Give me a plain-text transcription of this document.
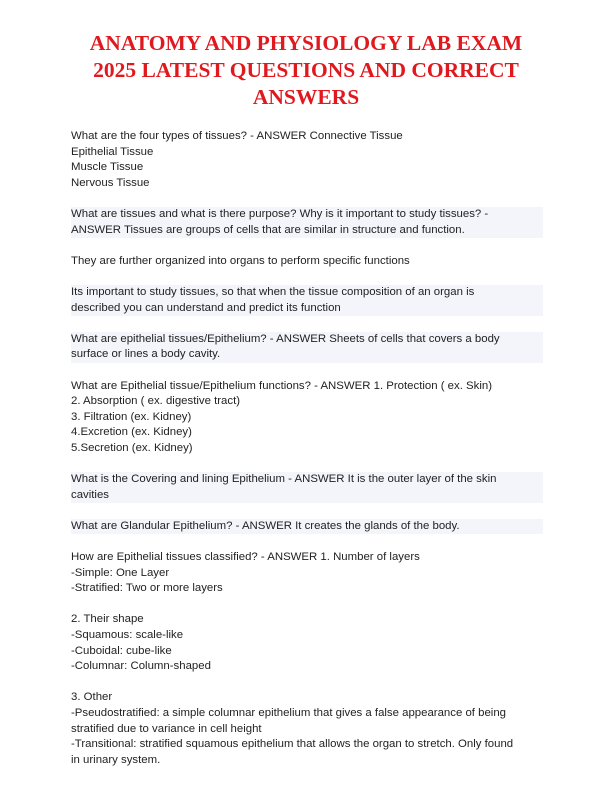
ANATOMY AND PHYSIOLOGY LAB EXAM
2025 LATEST QUESTIONS AND CORRECT
ANSWERS

What are the four types of tissues? - ANSWER Connective Tissue
Epithelial Tissue
Muscle Tissue
Nervous Tissue

What are tissues and what is there purpose? Why is it important to study tissues? -
ANSWER Tissues are groups of cells that are similar in structure and function.

They are further organized into organs to perform specific functions

Its important to study tissues, so that when the tissue composition of an organ is
described you can understand and predict its function

What are epithelial tissues/Epithelium? - ANSWER Sheets of cells that covers a body
surface or lines a body cavity.

What are Epithelial tissue/Epithelium functions? - ANSWER 1. Protection ( ex. Skin)
2. Absorption ( ex. digestive tract)
3. Filtration (ex. Kidney)
4.Excretion (ex. Kidney)
5.Secretion (ex. Kidney)

What is the Covering and lining Epithelium - ANSWER It is the outer layer of the skin
cavities

What are Glandular Epithelium? - ANSWER It creates the glands of the body.

How are Epithelial tissues classified? - ANSWER 1. Number of layers
-Simple: One Layer
-Stratified: Two or more layers

2. Their shape
-Squamous: scale-like
-Cuboidal: cube-like
-Columnar: Column-shaped

3. Other
-Pseudostratified: a simple columnar epithelium that gives a false appearance of being
stratified due to variance in cell height
-Transitional: stratified squamous epithelium that allows the organ to stretch. Only found
in urinary system.
